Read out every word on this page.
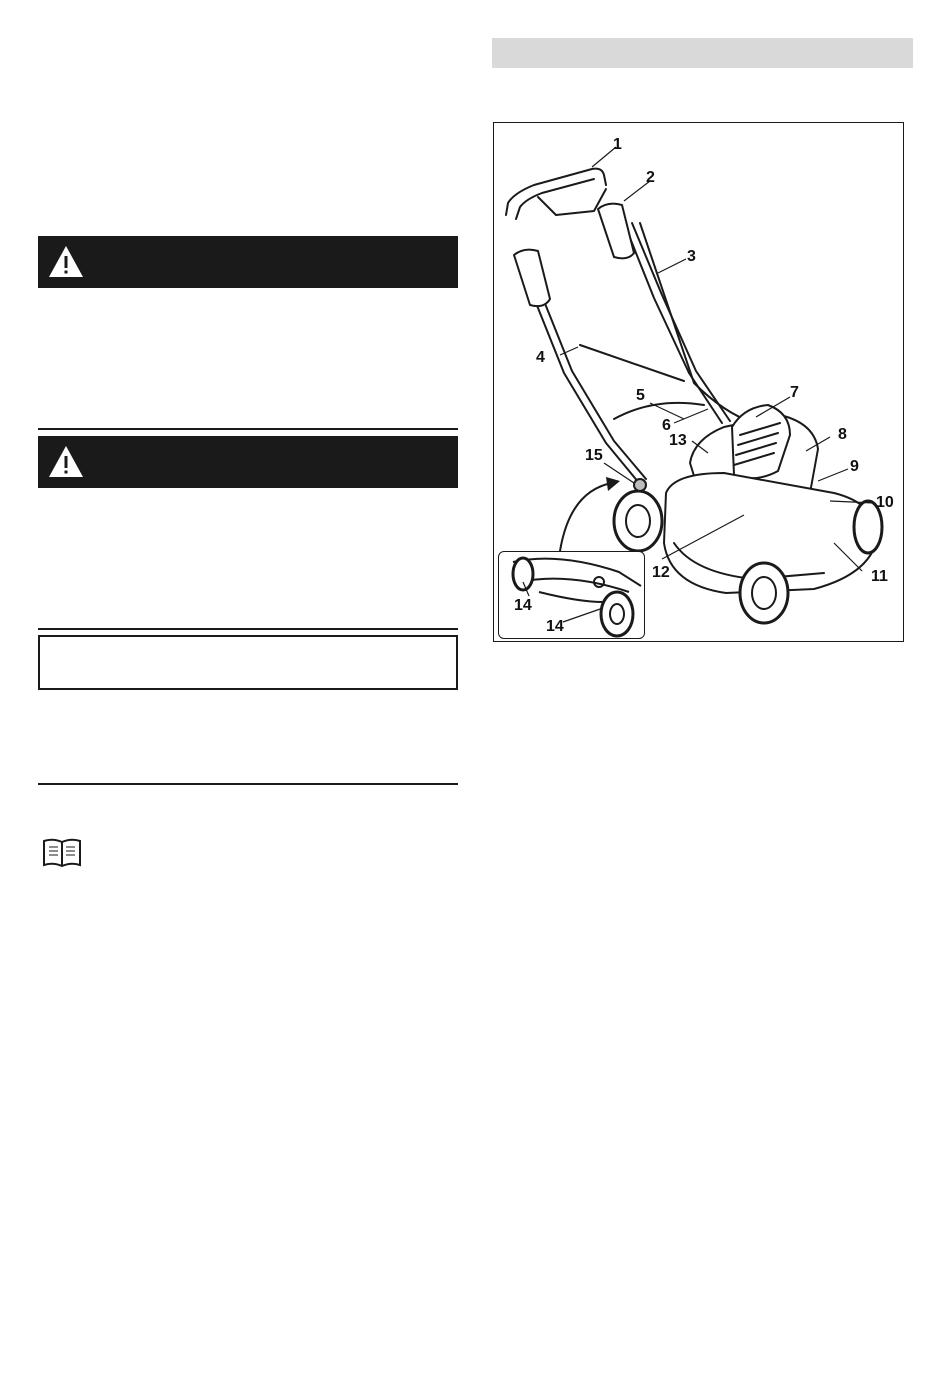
1
2
3
4
5
6
7
8
9
10
11
12
13
14
14
15
